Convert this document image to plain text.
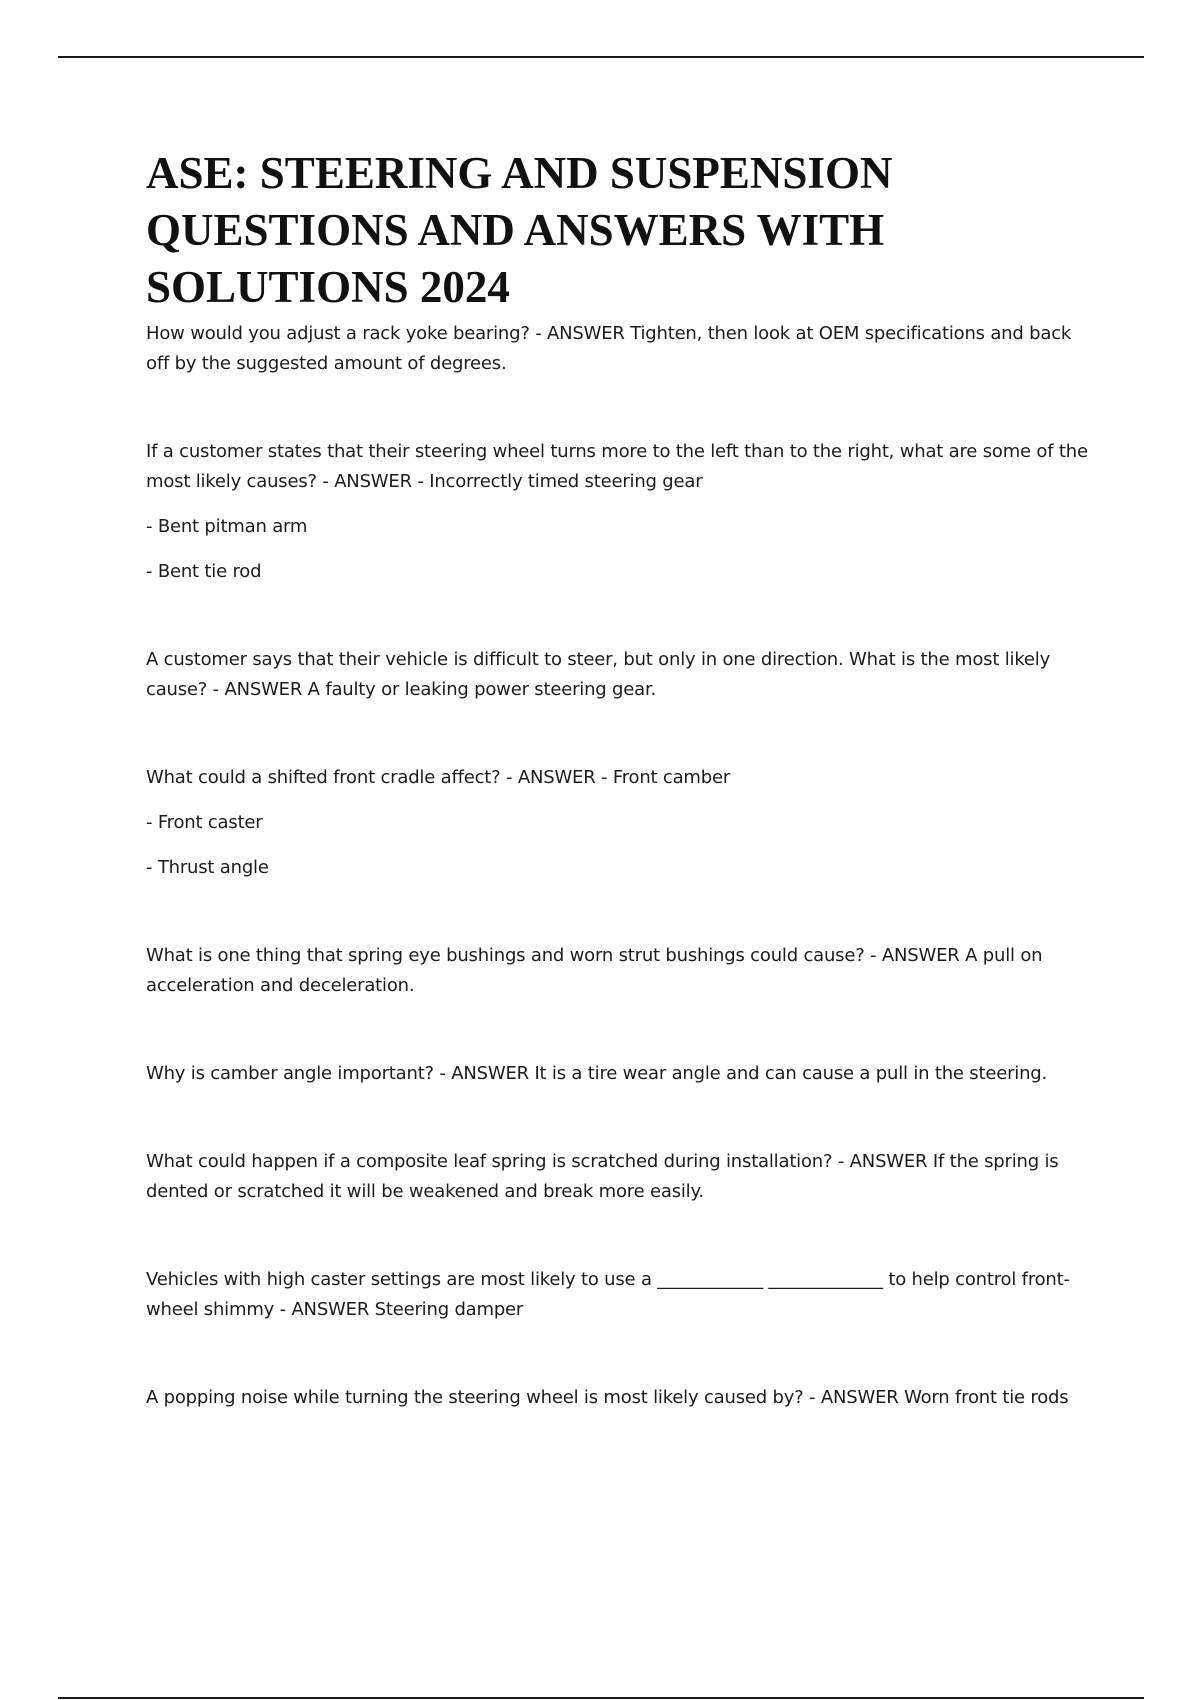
ASE: STEERING AND SUSPENSION
QUESTIONS AND ANSWERS WITH
SOLUTIONS 2024

How would you adjust a rack yoke bearing? - ANSWER Tighten, then look at OEM specifications and back off by the suggested amount of degrees.

If a customer states that their steering wheel turns more to the left than to the right, what are some of the most likely causes? - ANSWER - Incorrectly timed steering gear

- Bent pitman arm

- Bent tie rod

A customer says that their vehicle is difficult to steer, but only in one direction. What is the most likely cause? - ANSWER A faulty or leaking power steering gear.

What could a shifted front cradle affect? - ANSWER - Front camber

- Front caster

- Thrust angle

What is one thing that spring eye bushings and worn strut bushings could cause? - ANSWER A pull on acceleration and deceleration.

Why is camber angle important? - ANSWER It is a tire wear angle and can cause a pull in the steering.

What could happen if a composite leaf spring is scratched during installation? - ANSWER If the spring is dented or scratched it will be weakened and break more easily.

Vehicles with high caster settings are most likely to use a ____________ _____________ to help control front-wheel shimmy - ANSWER Steering damper

A popping noise while turning the steering wheel is most likely caused by? - ANSWER Worn front tie rods
